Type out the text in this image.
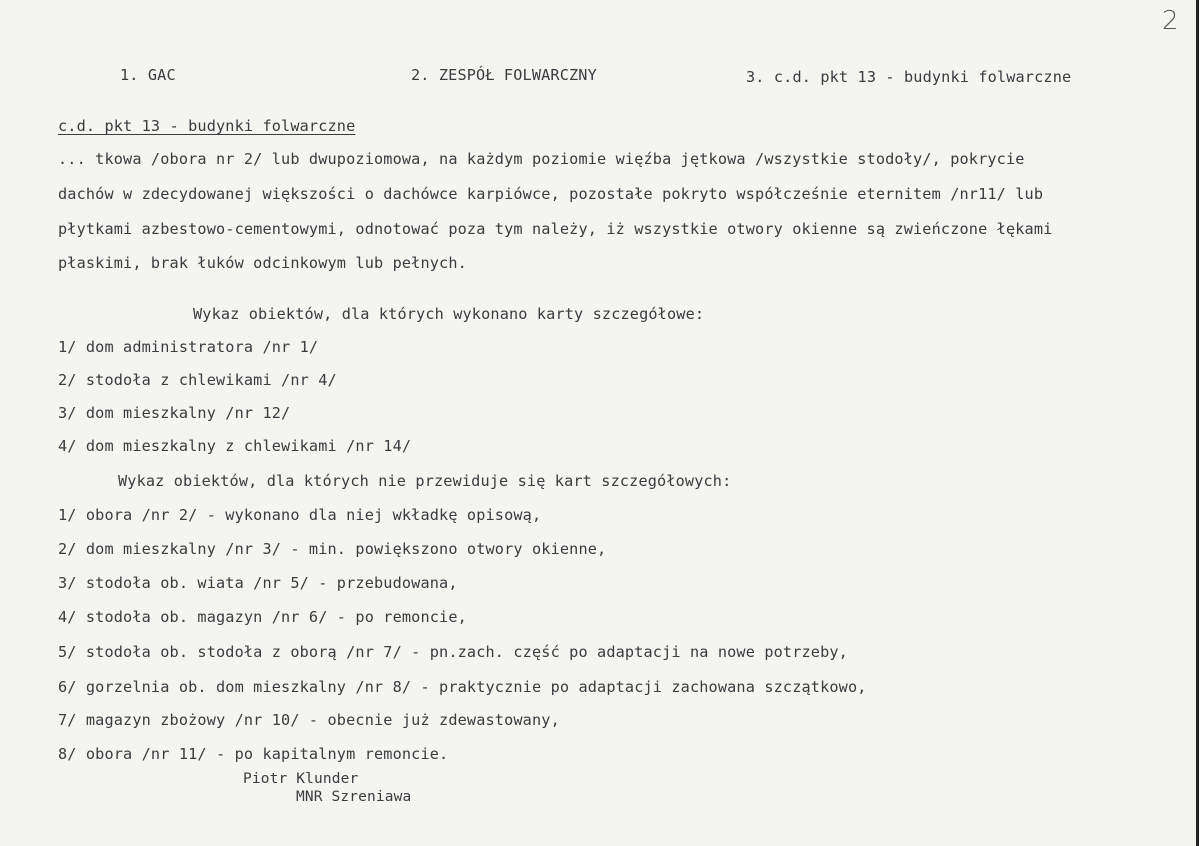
2
1. GAC	2. ZESPÓŁ FOLWARCZNY	3. c.d. pkt 13 - budynki folwarczne
c.d. pkt 13 - budynki folwarczne
... tkowa /obora nr 2/ lub dwupoziomowa, na każdym poziomie więźba jętkowa /wszystkie stodoły/, pokrycie
dachów w zdecydowanej większości o dachówce karpiówce, pozostałe pokryto współcześnie eternitem /nr11/ lub
płytkami azbestowo-cementowymi, odnotować poza tym należy, iż wszystkie otwory okienne są zwieńczone łękami
płaskimi, brak łuków odcinkowym lub pełnych.
Wykaz obiektów, dla których wykonano karty szczegółowe:
1/ dom administratora /nr 1/
2/ stodoła z chlewikami /nr 4/
3/ dom mieszkalny /nr 12/
4/ dom mieszkalny z chlewikami /nr 14/
Wykaz obiektów, dla których nie przewiduje się kart szczegółowych:
1/ obora /nr 2/ - wykonano dla niej wkładkę opisową,
2/ dom mieszkalny /nr 3/ - min. powiększono otwory okienne,
3/ stodoła ob. wiata /nr 5/ - przebudowana,
4/ stodoła ob. magazyn /nr 6/ - po remoncie,
5/ stodoła ob. stodoła z oborą /nr 7/ - pn.zach. część po adaptacji na nowe potrzeby,
6/ gorzelnia ob. dom mieszkalny /nr 8/ - praktycznie po adaptacji zachowana szczątkowo,
7/ magazyn zbożowy /nr 10/ - obecnie już zdewastowany,
8/ obora /nr 11/ - po kapitalnym remoncie.
Piotr Klunder
MNR Szreniawa
